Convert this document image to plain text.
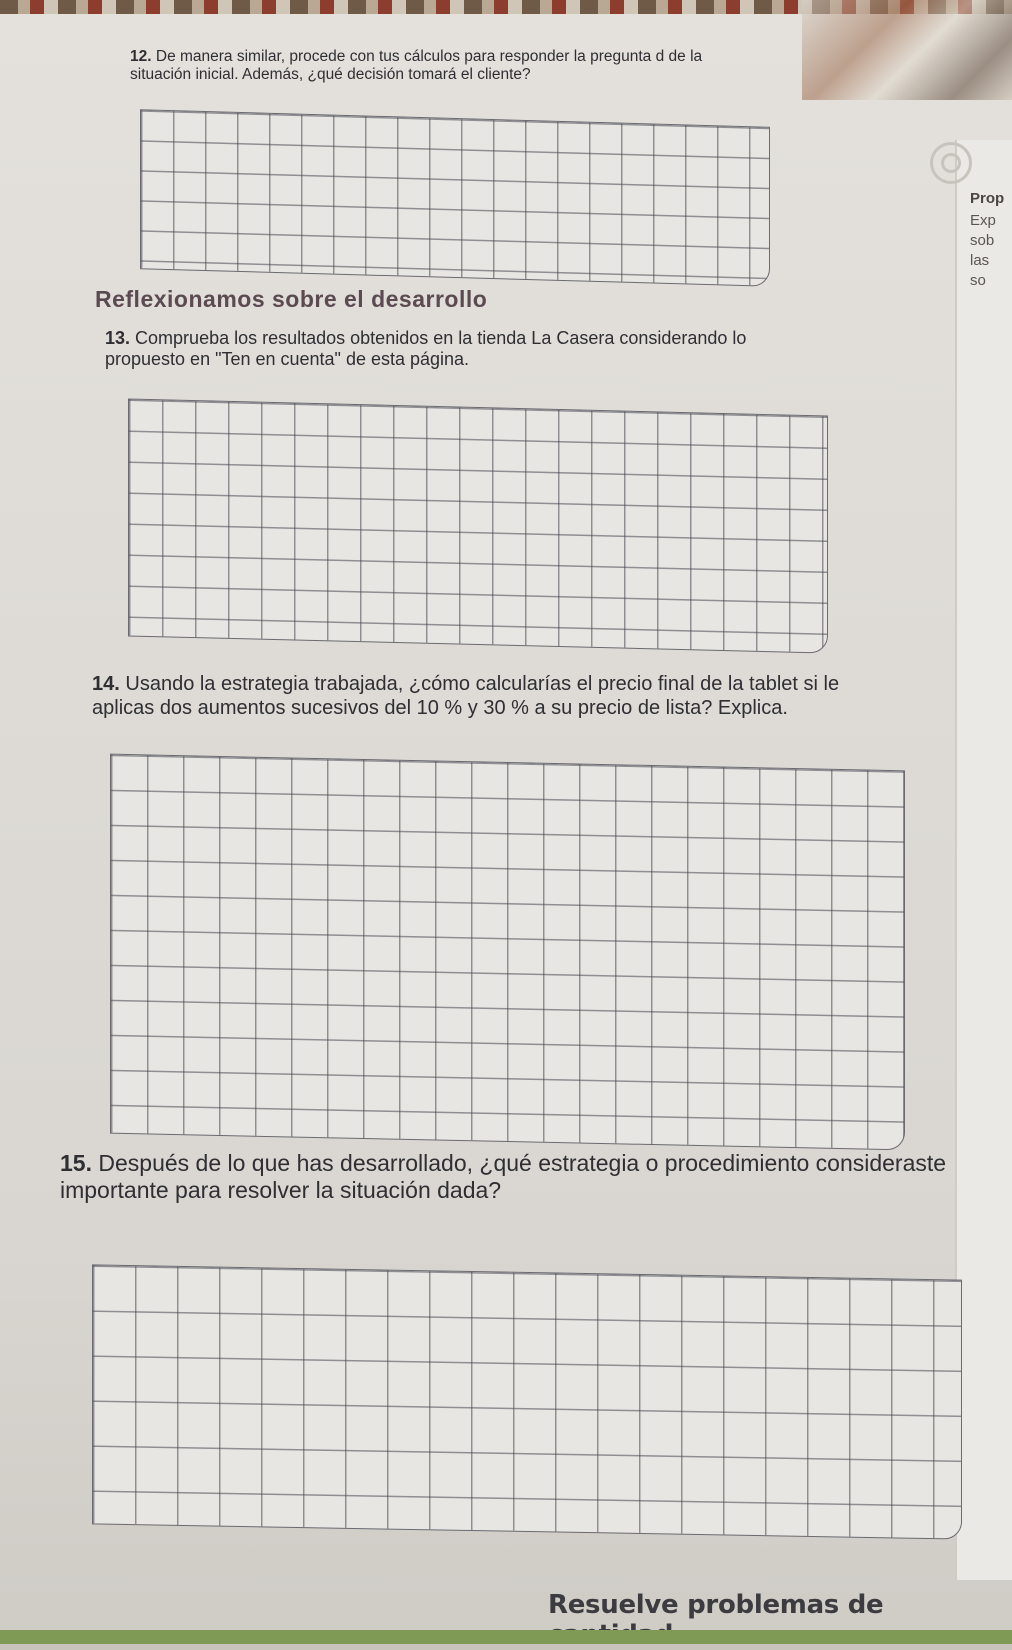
Prop
Exp
sob
las
so
12. De manera similar, procede con tus cálculos para responder la pregunta d de la situación inicial. Además, ¿qué decisión tomará el cliente?
Reflexionamos sobre el desarrollo
13. Comprueba los resultados obtenidos en la tienda La Casera considerando lo propuesto en "Ten en cuenta" de esta página.
14. Usando la estrategia trabajada, ¿cómo calcularías el precio final de la tablet si le aplicas dos aumentos sucesivos del 10 % y 30 % a su precio de lista? Explica.
15. Después de lo que has desarrollado, ¿qué estrategia o procedimiento consideraste importante para resolver la situación dada?
Resuelve problemas de
